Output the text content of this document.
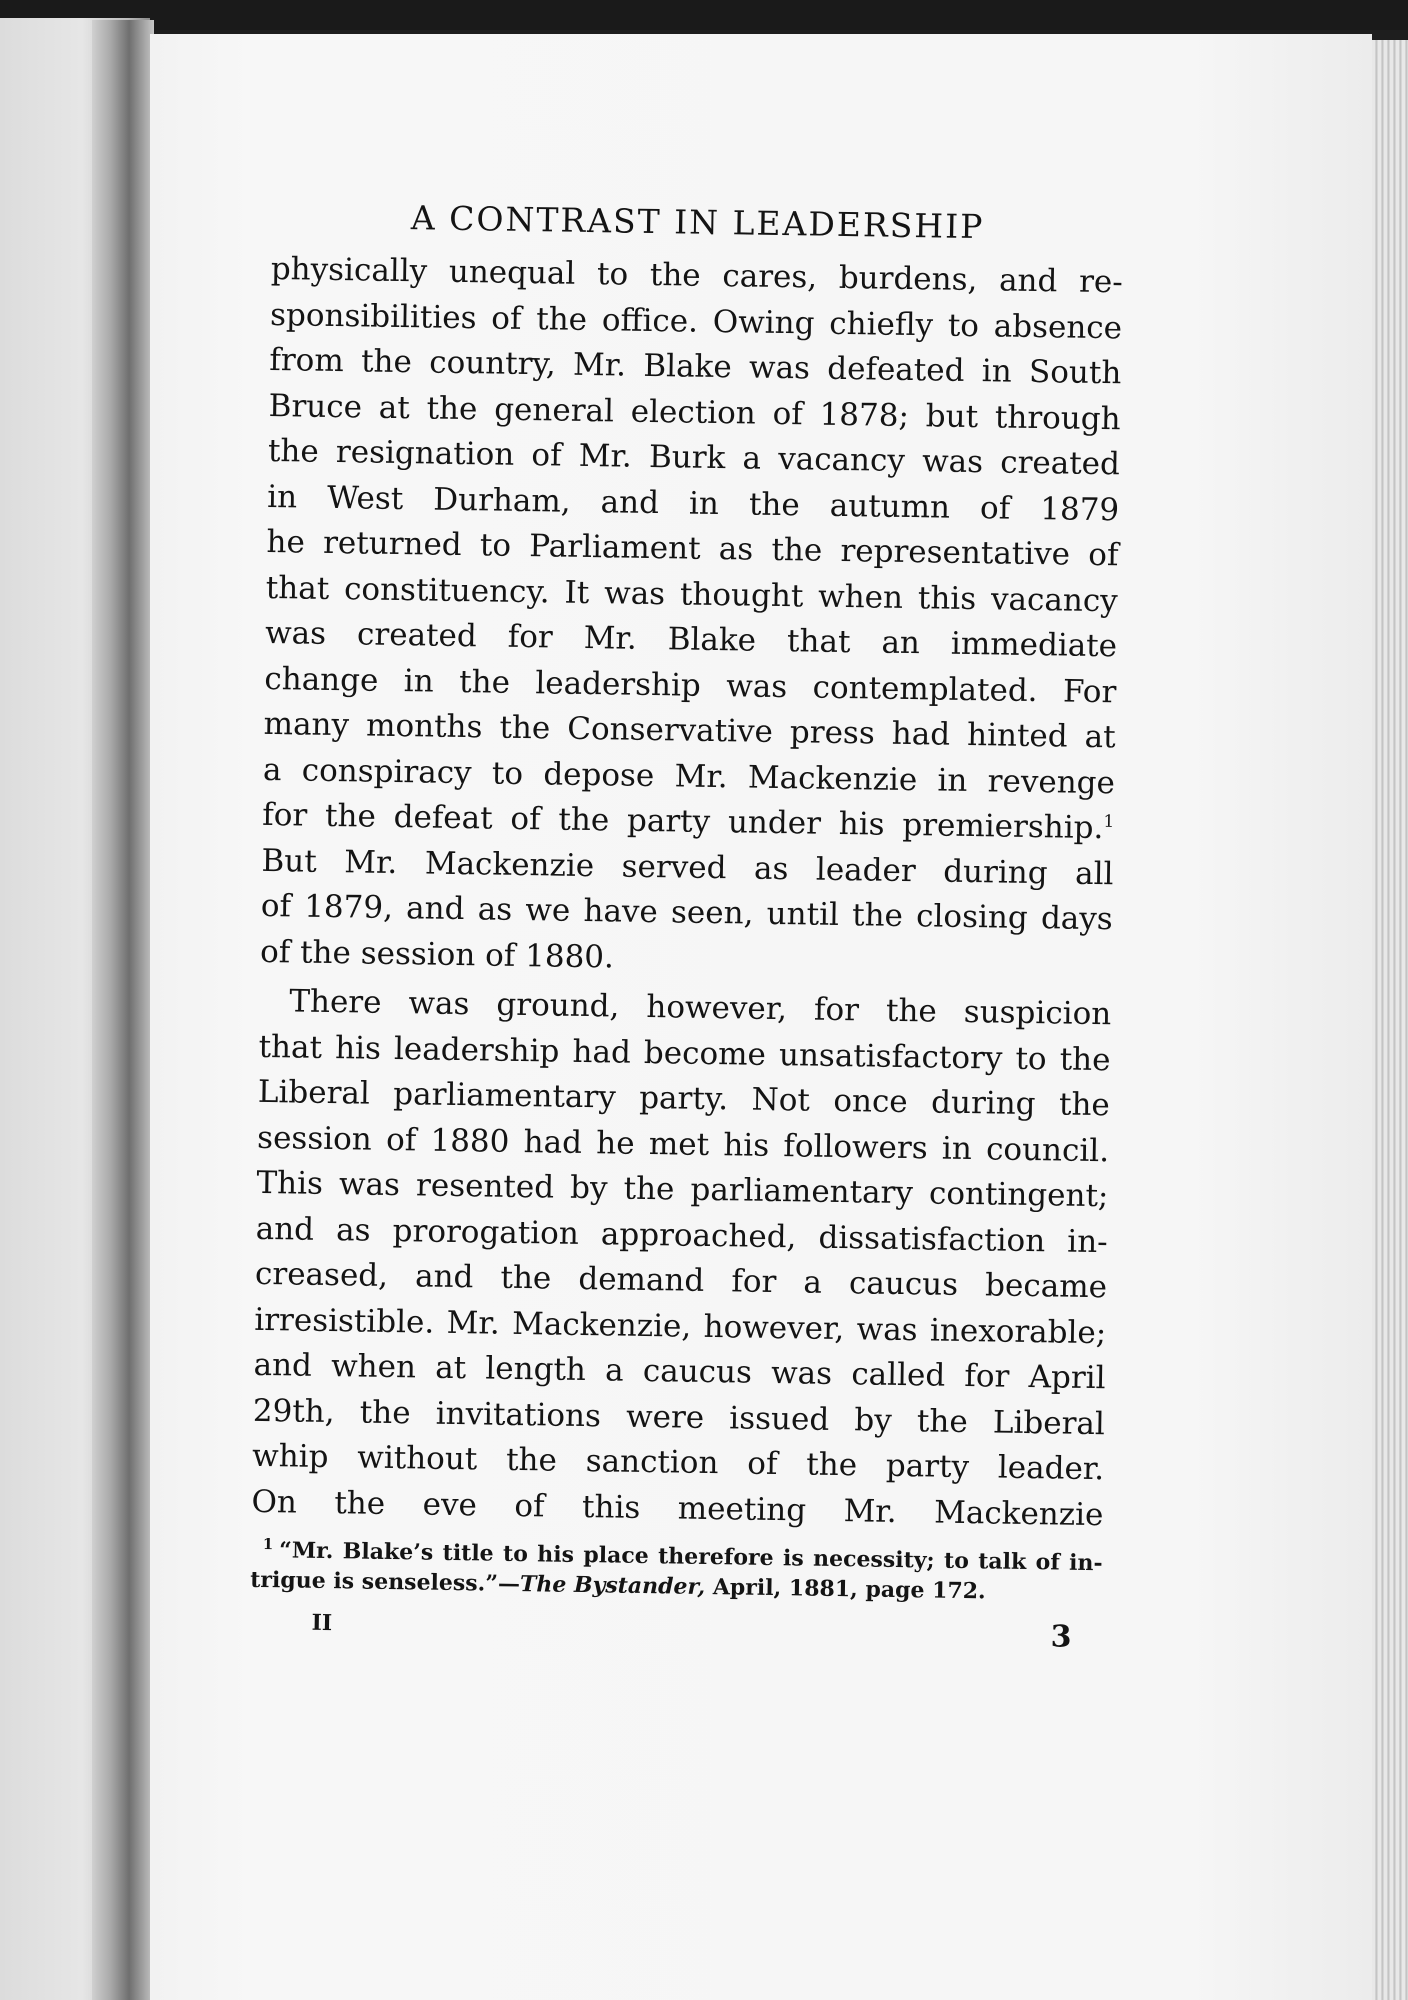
A CONTRAST IN LEADERSHIP
physically unequal to the cares, burdens, and re-
sponsibilities of the office. Owing chiefly to absence
from the country, Mr. Blake was defeated in South
Bruce at the general election of 1878; but through
the resignation of Mr. Burk a vacancy was created
in West Durham, and in the autumn of 1879
he returned to Parliament as the representative of
that constituency. It was thought when this vacancy
was created for Mr. Blake that an immediate
change in the leadership was contemplated. For
many months the Conservative press had hinted at
a conspiracy to depose Mr. Mackenzie in revenge
for the defeat of the party under his premiership.$^1$
But Mr. Mackenzie served as leader during all
of 1879, and as we have seen, until the closing days
of the session of 1880.
There was ground, however, for the suspicion
that his leadership had become unsatisfactory to the
Liberal parliamentary party. Not once during the
session of 1880 had he met his followers in council.
This was resented by the parliamentary contingent;
and as prorogation approached, dissatisfaction in-
creased, and the demand for a caucus became
irresistible. Mr. Mackenzie, however, was inexorable;
and when at length a caucus was called for April
29th, the invitations were issued by the Liberal
whip without the sanction of the party leader.
On the eve of this meeting Mr. Mackenzie
$^1$ “Mr. Blake’s title to his place therefore is necessity; to talk of in-
trigue is senseless.”—The Bystander, April, 1881, page 172.
II	3
